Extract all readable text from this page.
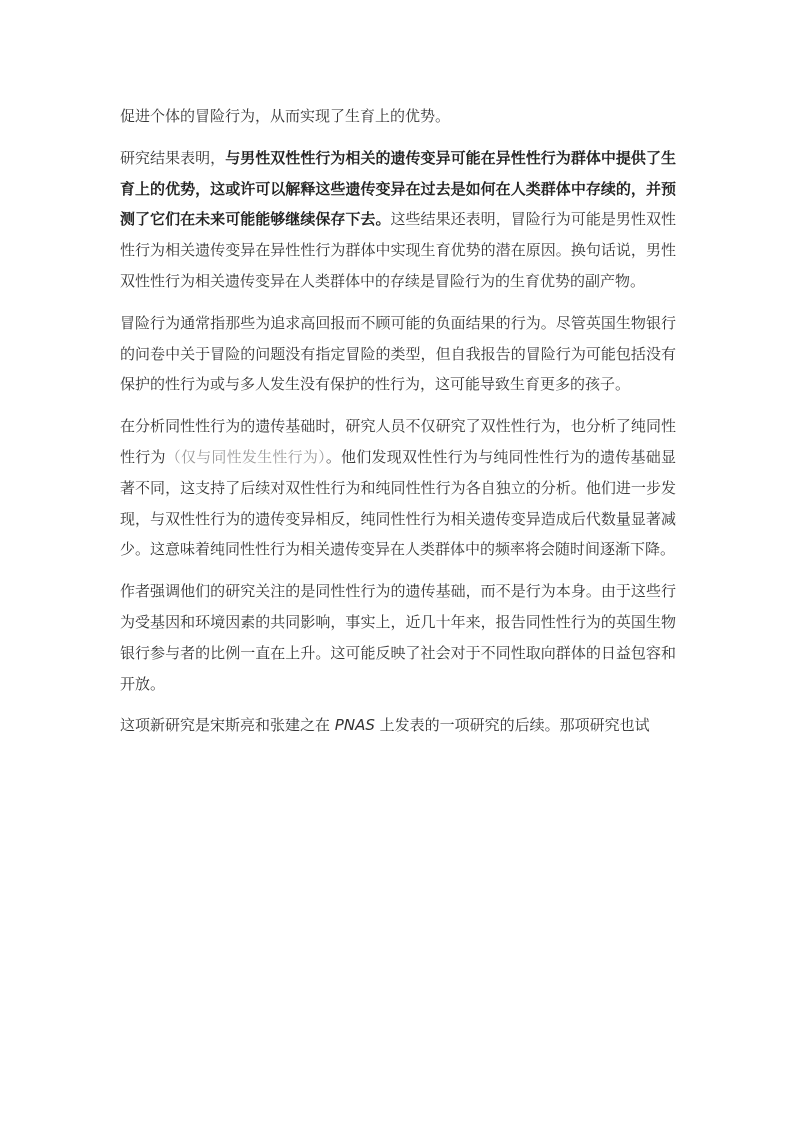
促进个体的冒险行为，从而实现了生育上的优势。

研究结果表明，与男性双性性行为相关的遗传变异可能在异性性行为群体中提供了生育上的优势，这或许可以解释这些遗传变异在过去是如何在人类群体中存续的，并预测了它们在未来可能能够继续保存下去。这些结果还表明，冒险行为可能是男性双性性行为相关遗传变异在异性性行为群体中实现生育优势的潜在原因。换句话说，男性双性性行为相关遗传变异在人类群体中的存续是冒险行为的生育优势的副产物。

冒险行为通常指那些为追求高回报而不顾可能的负面结果的行为。尽管英国生物银行的问卷中关于冒险的问题没有指定冒险的类型，但自我报告的冒险行为可能包括没有保护的性行为或与多人发生没有保护的性行为，这可能导致生育更多的孩子。

在分析同性性行为的遗传基础时，研究人员不仅研究了双性性行为，也分析了纯同性性行为（仅与同性发生性行为）。他们发现双性性行为与纯同性性行为的遗传基础显著不同，这支持了后续对双性性行为和纯同性性行为各自独立的分析。他们进一步发现，与双性性行为的遗传变异相反，纯同性性行为相关遗传变异造成后代数量显著减少。这意味着纯同性性行为相关遗传变异在人类群体中的频率将会随时间逐渐下降。

作者强调他们的研究关注的是同性性行为的遗传基础，而不是行为本身。由于这些行为受基因和环境因素的共同影响，事实上，近几十年来，报告同性性行为的英国生物银行参与者的比例一直在上升。这可能反映了社会对于不同性取向群体的日益包容和开放。

这项新研究是宋斯亮和张建之在 PNAS 上发表的一项研究的后续。那项研究也试
